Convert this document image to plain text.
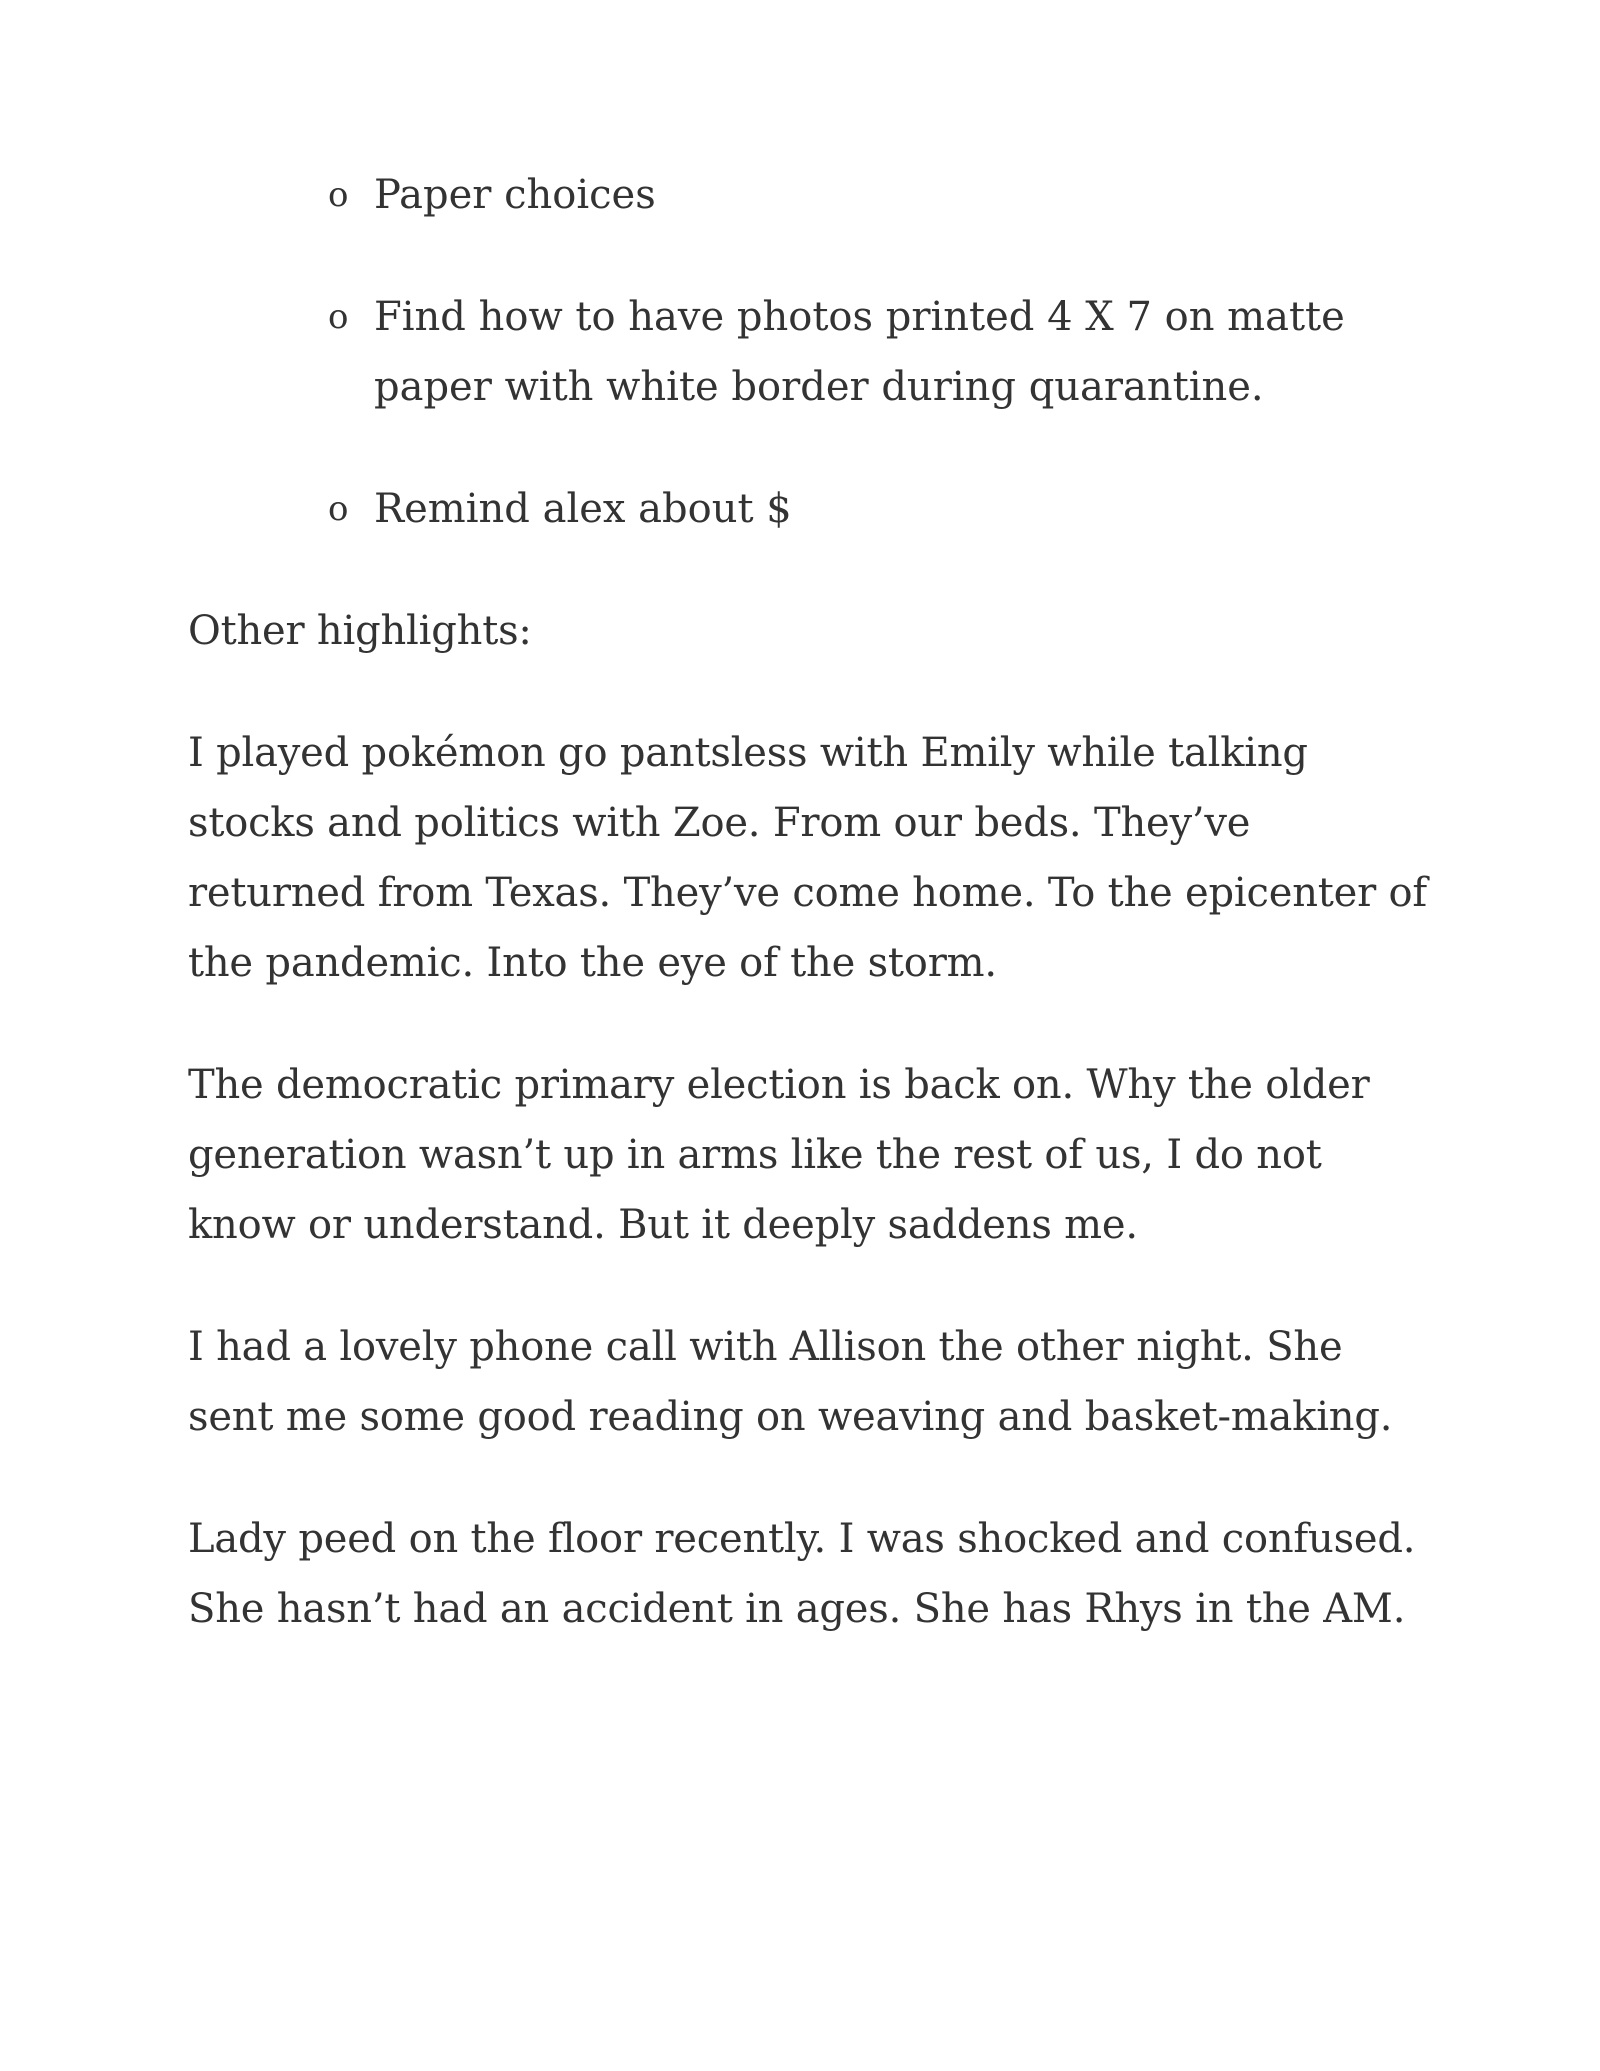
o Paper choices
o Find how to have photos printed 4 X 7 on matte paper with white border during quarantine.
o Remind alex about $

Other highlights:

I played pokémon go pantsless with Emily while talking stocks and politics with Zoe. From our beds. They’ve returned from Texas. They’ve come home. To the epicenter of the pandemic. Into the eye of the storm.

The democratic primary election is back on. Why the older generation wasn’t up in arms like the rest of us, I do not know or understand. But it deeply saddens me.

I had a lovely phone call with Allison the other night. She sent me some good reading on weaving and basket-making.

Lady peed on the floor recently. I was shocked and confused. She hasn’t had an accident in ages. She has Rhys in the AM.
